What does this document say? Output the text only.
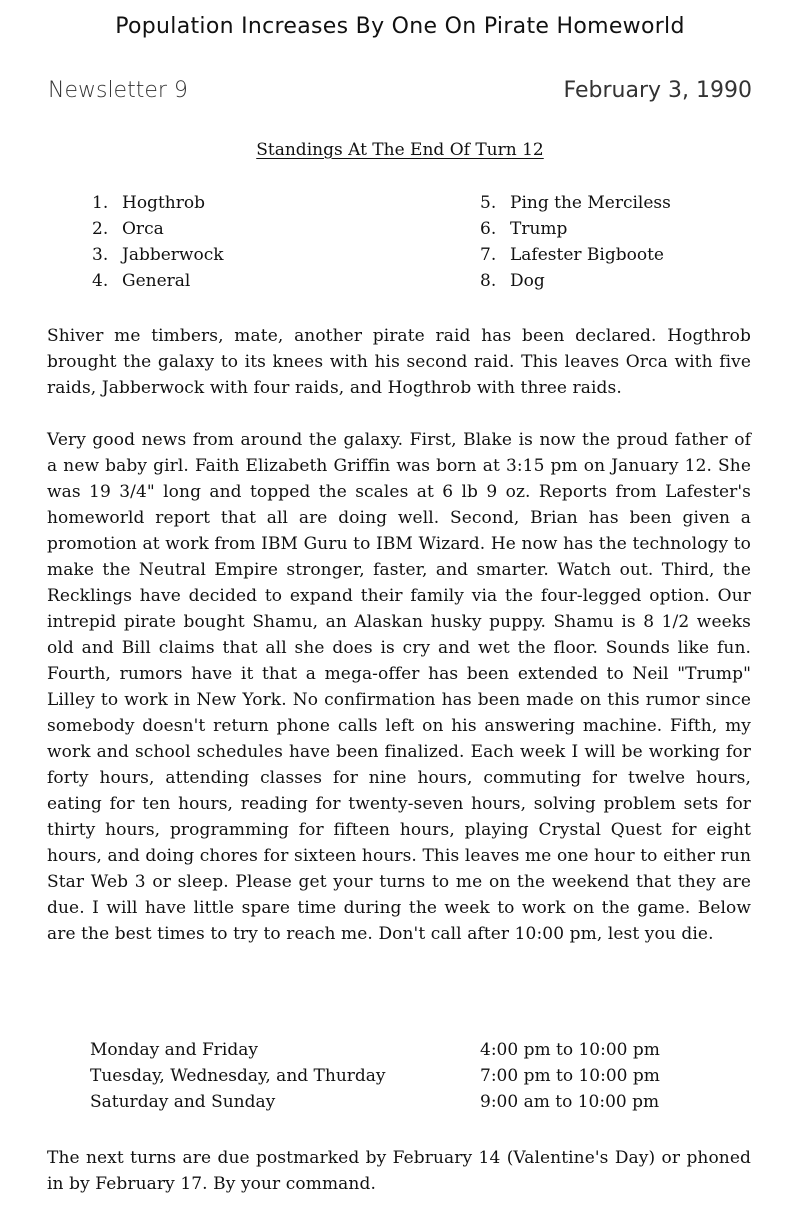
Population Increases By One On Pirate Homeworld
Newsletter 9	February 3, 1990
Standings At The End Of Turn 12
1. Hogthrob
2. Orca
3. Jabberwock
4. General
5. Ping the Merciless
6. Trump
7. Lafester Bigboote
8. Dog

Shiver me timbers, mate, another pirate raid has been declared. Hogthrob brought the galaxy to its knees with his second raid. This leaves Orca with five raids, Jabberwock with four raids, and Hogthrob with three raids.

Very good news from around the galaxy. First, Blake is now the proud father of a new baby girl. Faith Elizabeth Griffin was born at 3:15 pm on January 12. She was 19 3/4" long and topped the scales at 6 lb 9 oz. Reports from Lafester's homeworld report that all are doing well. Second, Brian has been given a promotion at work from IBM Guru to IBM Wizard. He now has the technology to make the Neutral Empire stronger, faster, and smarter. Watch out. Third, the Recklings have decided to expand their family via the four-legged option. Our intrepid pirate bought Shamu, an Alaskan husky puppy. Shamu is 8 1/2 weeks old and Bill claims that all she does is cry and wet the floor. Sounds like fun. Fourth, rumors have it that a mega-offer has been extended to Neil "Trump" Lilley to work in New York. No confirmation has been made on this rumor since somebody doesn't return phone calls left on his answering machine. Fifth, my work and school schedules have been finalized. Each week I will be working for forty hours, attending classes for nine hours, commuting for twelve hours, eating for ten hours, reading for twenty-seven hours, solving problem sets for thirty hours, programming for fifteen hours, playing Crystal Quest for eight hours, and doing chores for sixteen hours. This leaves me one hour to either run Star Web 3 or sleep. Please get your turns to me on the weekend that they are due. I will have little spare time during the week to work on the game. Below are the best times to try to reach me. Don't call after 10:00 pm, lest you die.

Monday and Friday	4:00 pm to 10:00 pm
Tuesday, Wednesday, and Thurday	7:00 pm to 10:00 pm
Saturday and Sunday	9:00 am to 10:00 pm

The next turns are due postmarked by February 14 (Valentine's Day) or phoned in by February 17. By your command.
